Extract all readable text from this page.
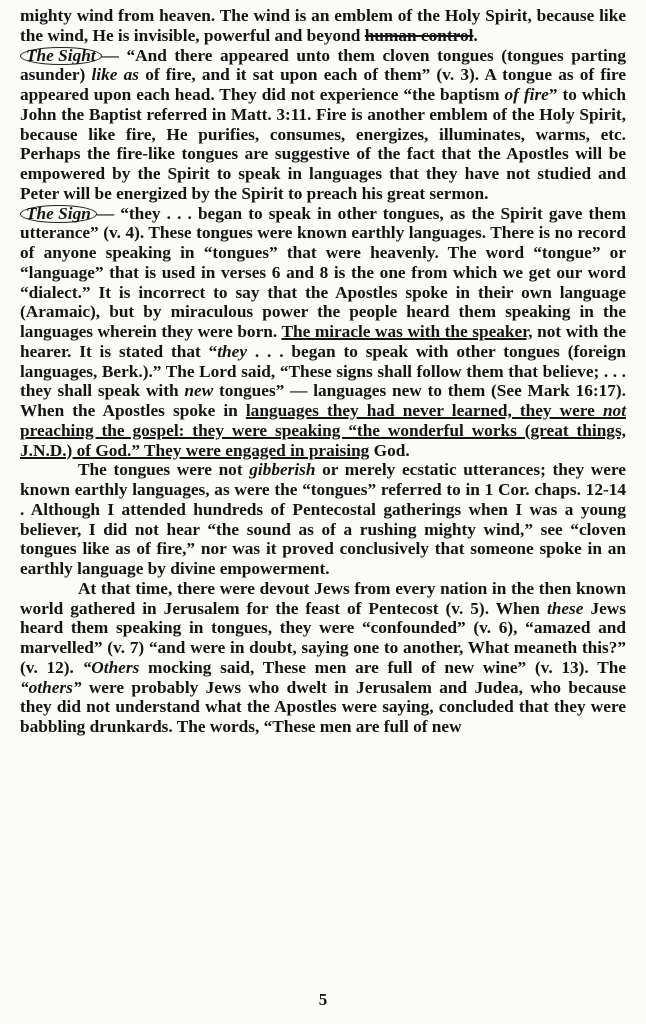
mighty wind from heaven. The wind is an emblem of the Holy Spirit, because like the wind, He is invisible, powerful and beyond human control.

The Sight — “And there appeared unto them cloven tongues (tongues parting asunder) like as of fire, and it sat upon each of them” (v. 3). A tongue as of fire appeared upon each head. They did not experience “the baptism of fire” to which John the Baptist referred in Matt. 3:11. Fire is another emblem of the Holy Spirit, because like fire, He purifies, consumes, energizes, illuminates, warms, etc. Perhaps the fire-like tongues are suggestive of the fact that the Apostles will be empowered by the Spirit to speak in languages that they have not studied and Peter will be energized by the Spirit to preach his great sermon.

The Sign — “they . . . began to speak in other tongues, as the Spirit gave them utterance” (v. 4). These tongues were known earthly languages. There is no record of anyone speaking in “tongues” that were heavenly. The word “tongue” or “language” that is used in verses 6 and 8 is the one from which we get our word “dialect.” It is incorrect to say that the Apostles spoke in their own language (Aramaic), but by miraculous power the people heard them speaking in the languages wherein they were born. The miracle was with the speaker, not with the hearer. It is stated that “they . . . began to speak with other tongues (foreign languages, Berk.).” The Lord said, “These signs shall follow them that believe; . . . they shall speak with new tongues” — languages new to them (See Mark 16:17). When the Apostles spoke in languages they had never learned, they were not preaching the gospel: they were speaking “the wonderful works (great things, J.N.D.) of God.” They were engaged in praising God.

The tongues were not gibberish or merely ecstatic utterances; they were known earthly languages, as were the “tongues” referred to in 1 Cor. chaps. 12-14 . Although I attended hundreds of Pentecostal gatherings when I was a young believer, I did not hear “the sound as of a rushing mighty wind,” see “cloven tongues like as of fire,” nor was it proved conclusively that someone spoke in an earthly language by divine empowerment.

At that time, there were devout Jews from every nation in the then known world gathered in Jerusalem for the feast of Pentecost (v. 5). When these Jews heard them speaking in tongues, they were “confounded” (v. 6), “amazed and marvelled” (v. 7) “and were in doubt, saying one to another, What meaneth this?” (v. 12). “Others mocking said, These men are full of new wine” (v. 13). The “others” were probably Jews who dwelt in Jerusalem and Judea, who because they did not understand what the Apostles were saying, concluded that they were babbling drunkards. The words, “These men are full of new

5
